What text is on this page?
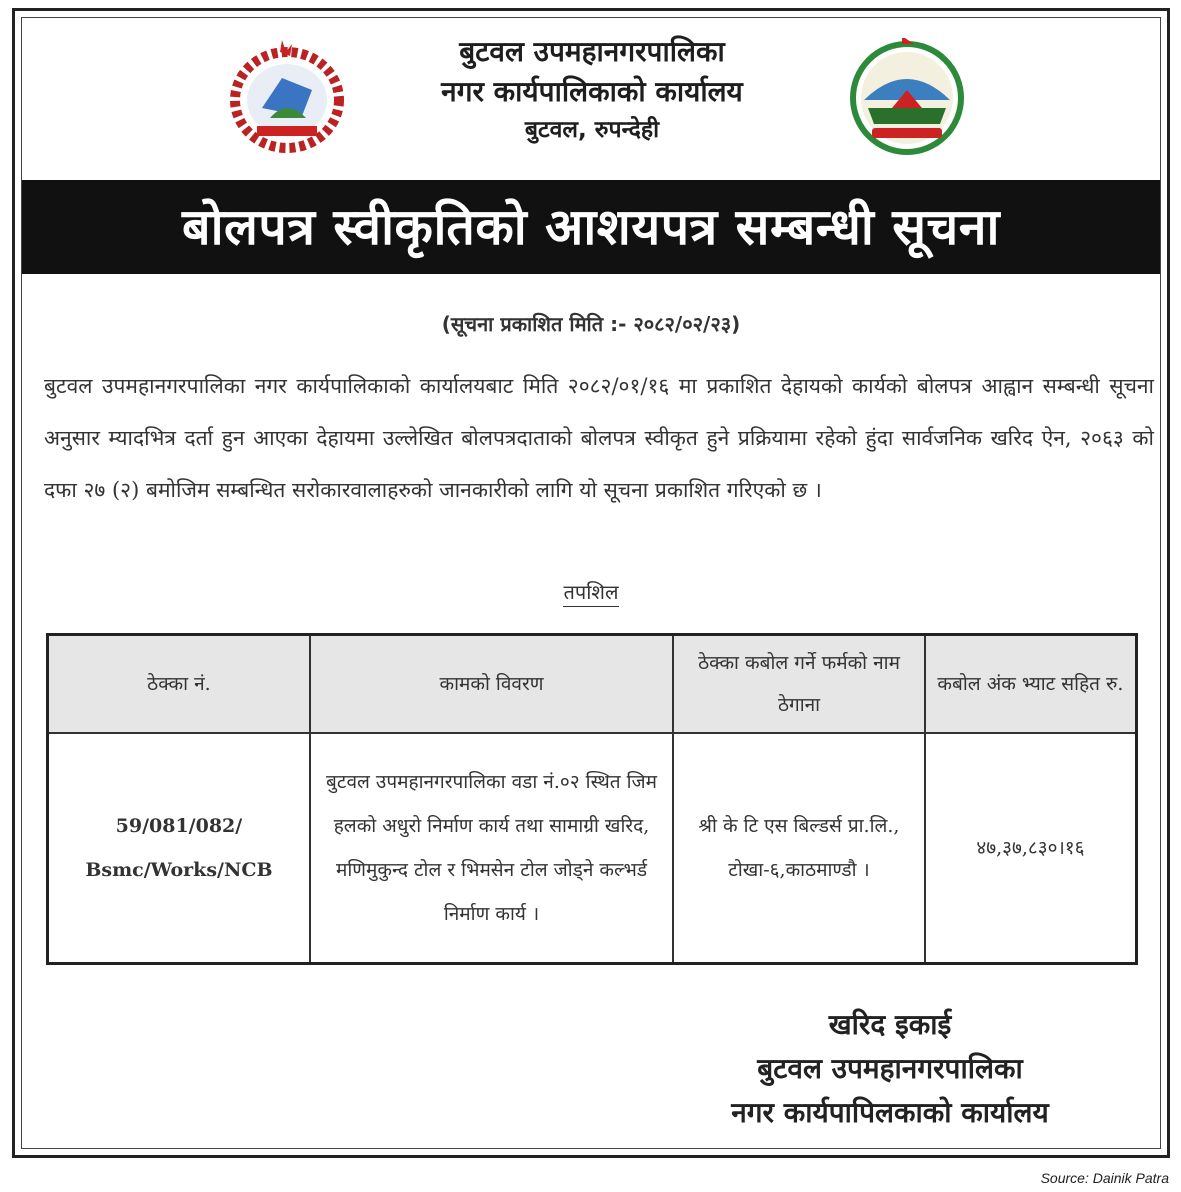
बुटवल उपमहानगरपालिका
नगर कार्यपालिकाको कार्यालय
बुटवल, रुपन्देही
बोलपत्र स्वीकृतिको आशयपत्र सम्बन्धी सूचना
(सूचना प्रकाशित मिति :- २०८२/०२/२३)
बुटवल उपमहानगरपालिका नगर कार्यपालिकाको कार्यालयबाट मिति २०८२/०१/१६ मा प्रकाशित देहायको कार्यको बोलपत्र आह्वान सम्बन्धी सूचना अनुसार म्यादभित्र दर्ता हुन आएका देहायमा उल्लेखित बोलपत्रदाताको बोलपत्र स्वीकृत हुने प्रक्रियामा रहेको हुंदा सार्वजनिक खरिद ऐन, २०६३ को दफा २७ (२) बमोजिम सम्बन्धित सरोकारवालाहरुको जानकारीको लागि यो सूचना प्रकाशित गरिएको छ ।
तपशिल
ठेक्का नं.	कामको विवरण	ठेक्का कबोल गर्ने फर्मको नाम ठेगाना	कबोल अंक भ्याट सहित रु.
59/081/082/ Bsmc/Works/NCB	बुटवल उपमहानगरपालिका वडा नं.०२ स्थित जिम हलको अधुरो निर्माण कार्य तथा सामाग्री खरिद, मणिमुकुन्द टोल र भिमसेन टोल जोड्ने कल्भर्ड निर्माण कार्य ।	श्री के टि एस बिल्डर्स प्रा.लि., टोखा-६,काठमाण्डौ ।	४७,३७,८३०।१६
खरिद इकाई
बुटवल उपमहानगरपालिका
नगर कार्यपापिलकाको कार्यालय
Source: Dainik Patra
